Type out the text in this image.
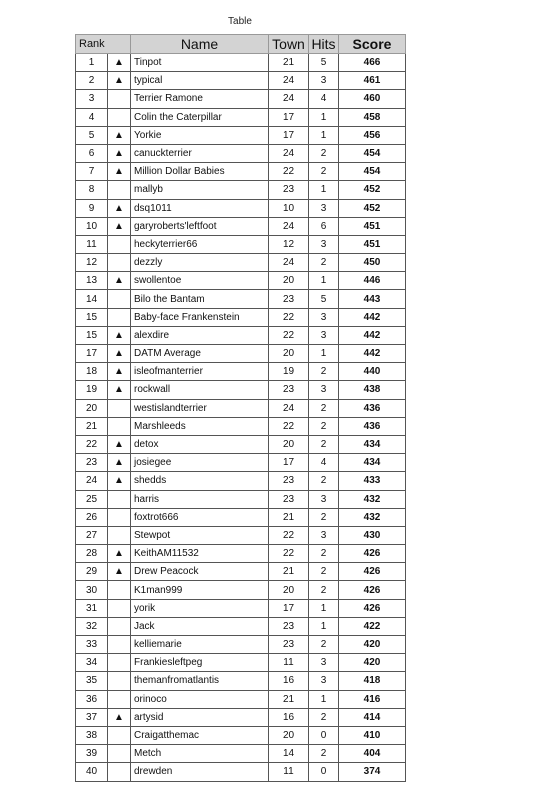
Table
Rank		Name	Town	Hits	Score
1	▲	Tinpot	21	5	466
2	▲	typical	24	3	461
3		Terrier Ramone	24	4	460
4		Colin the Caterpillar	17	1	458
5	▲	Yorkie	17	1	456
6	▲	canuckterrier	24	2	454
7	▲	Million Dollar Babies	22	2	454
8		mallyb	23	1	452
9	▲	dsq1011	10	3	452
10	▲	garyroberts'leftfoot	24	6	451
11		heckyterrier66	12	3	451
12		dezzly	24	2	450
13	▲	swollentoe	20	1	446
14		Bilo the Bantam	23	5	443
15		Baby-face Frankenstein	22	3	442
15	▲	alexdire	22	3	442
17	▲	DATM Average	20	1	442
18	▲	isleofmanterrier	19	2	440
19	▲	rockwall	23	3	438
20		westislandterrier	24	2	436
21		Marshleeds	22	2	436
22	▲	detox	20	2	434
23	▲	josiegee	17	4	434
24	▲	shedds	23	2	433
25		harris	23	3	432
26		foxtrot666	21	2	432
27		Stewpot	22	3	430
28	▲	KeithAM11532	22	2	426
29	▲	Drew Peacock	21	2	426
30		K1man999	20	2	426
31		yorik	17	1	426
32		Jack	23	1	422
33		kelliemarie	23	2	420
34		Frankiesleftpeg	11	3	420
35		themanfromatlantis	16	3	418
36		orinoco	21	1	416
37	▲	artysid	16	2	414
38		Craigatthemac	20	0	410
39		Metch	14	2	404
40		drewden	11	0	374
